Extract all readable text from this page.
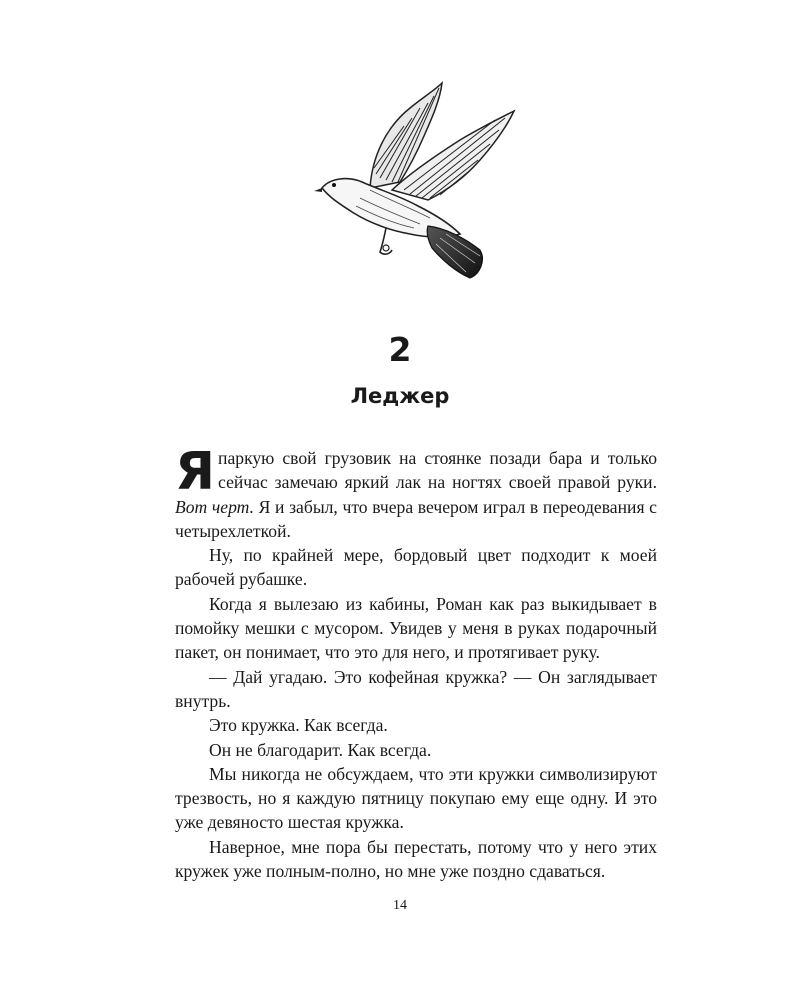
2
Леджер

Япаркую свой грузовик на стоянке позади бара и только сейчас замечаю яркий лак на ногтях своей правой руки. Вот черт. Я и забыл, что вчера вечером играл в переодевания с четырехлеткой.

Ну, по крайней мере, бордовый цвет подходит к моей рабочей рубашке.

Когда я вылезаю из кабины, Роман как раз выкидывает в помойку мешки с мусором. Увидев у меня в руках подарочный пакет, он понимает, что это для него, и протягивает руку.

— Дай угадаю. Это кофейная кружка? — Он заглядывает внутрь.

Это кружка. Как всегда.

Он не благодарит. Как всегда.

Мы никогда не обсуждаем, что эти кружки символизируют трезвость, но я каждую пятницу покупаю ему еще одну. И это уже девяносто шестая кружка.

Наверное, мне пора бы перестать, потому что у него этих кружек уже полным-полно, но мне уже поздно сдаваться.

14
